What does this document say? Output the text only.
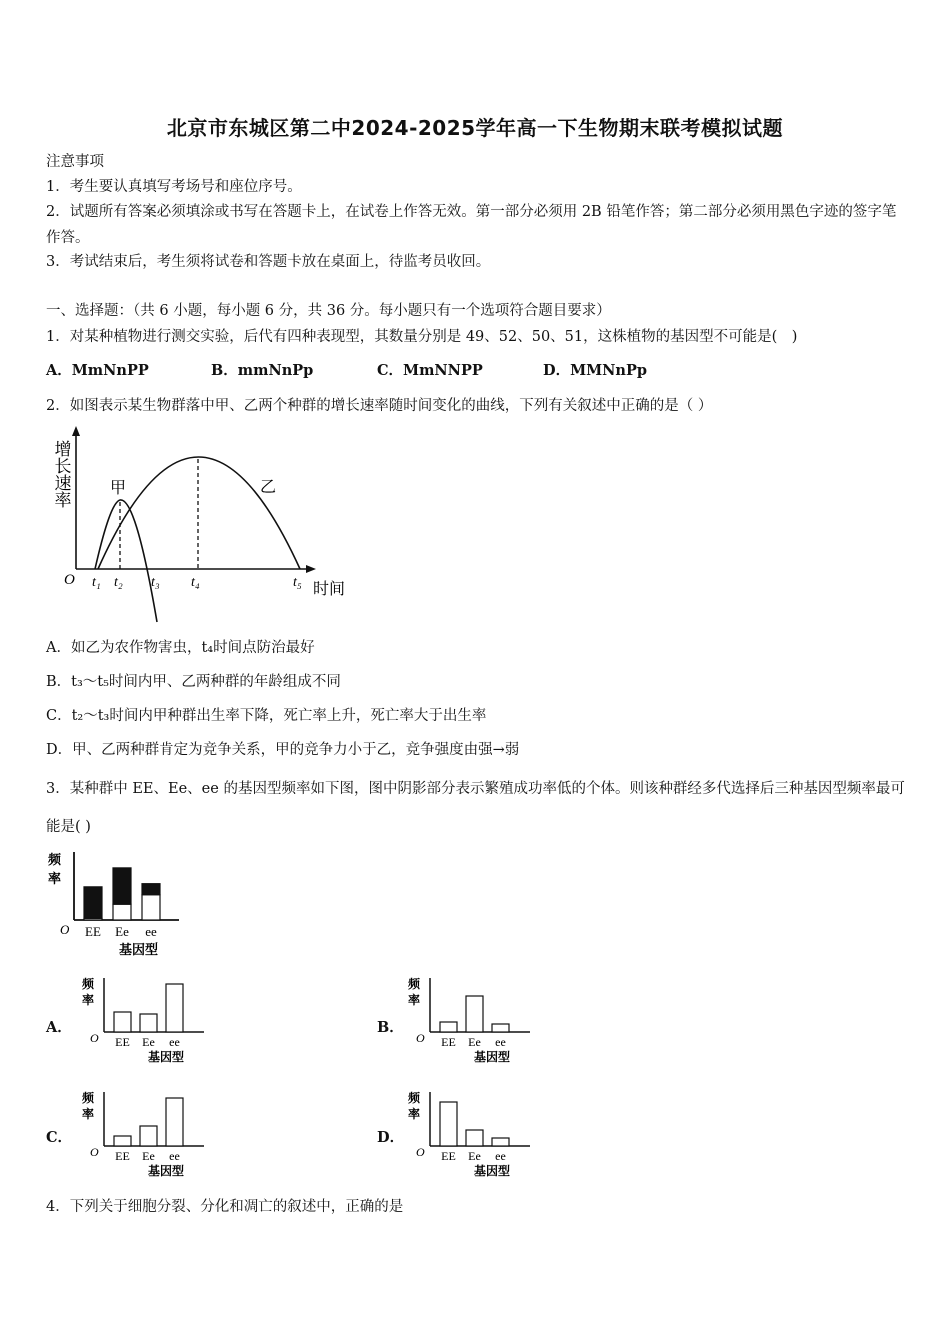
北京市东城区第二中2024-2025学年高一下生物期末联考模拟试题
注意事项
1．考生要认真填写考场号和座位序号。
2．试题所有答案必须填涂或书写在答题卡上，在试卷上作答无效。第一部分必须用 2B 铅笔作答；第二部分必须用黑色字迹的签字笔作答。
3．考试结束后，考生须将试卷和答题卡放在桌面上，待监考员收回。
一、选择题：（共 6 小题，每小题 6 分，共 36 分。每小题只有一个选项符合题目要求）
1．对某种植物进行测交实验，后代有四种表现型，其数量分别是 49、52、50、51，这株植物的基因型不可能是(　)
A．MmNnPP	B．mmNnPp	C．MmNNPP	D．MMNnPp
2．如图表示某生物群落中甲、乙两个种群的增长速率随时间变化的曲线，下列有关叙述中正确的是（ ）
增长速率
O
时间
甲	乙
t₁ t₂ t₃ t₄	t₅
A．如乙为农作物害虫，t₄时间点防治最好
B．t₃～t₅时间内甲、乙两种群的年龄组成不同
C．t₂～t₃时间内甲种群出生率下降，死亡率上升，死亡率大于出生率
D．甲、乙两种群肯定为竞争关系，甲的竞争力小于乙，竞争强度由强→弱
3．某种群中 EE、Ee、ee 的基因型频率如下图，图中阴影部分表示繁殖成功率低的个体。则该种群经多代选择后三种基因型频率最可能是( )
频
率
O EE Ee ee
基因型
A．
频
率
O EE Ee ee
基因型
B．
频
率
O EE Ee ee
基因型
C．
频
率
O EE Ee ee
基因型
D．
频
率
O EE Ee ee
基因型
4．下列关于细胞分裂、分化和凋亡的叙述中，正确的是
